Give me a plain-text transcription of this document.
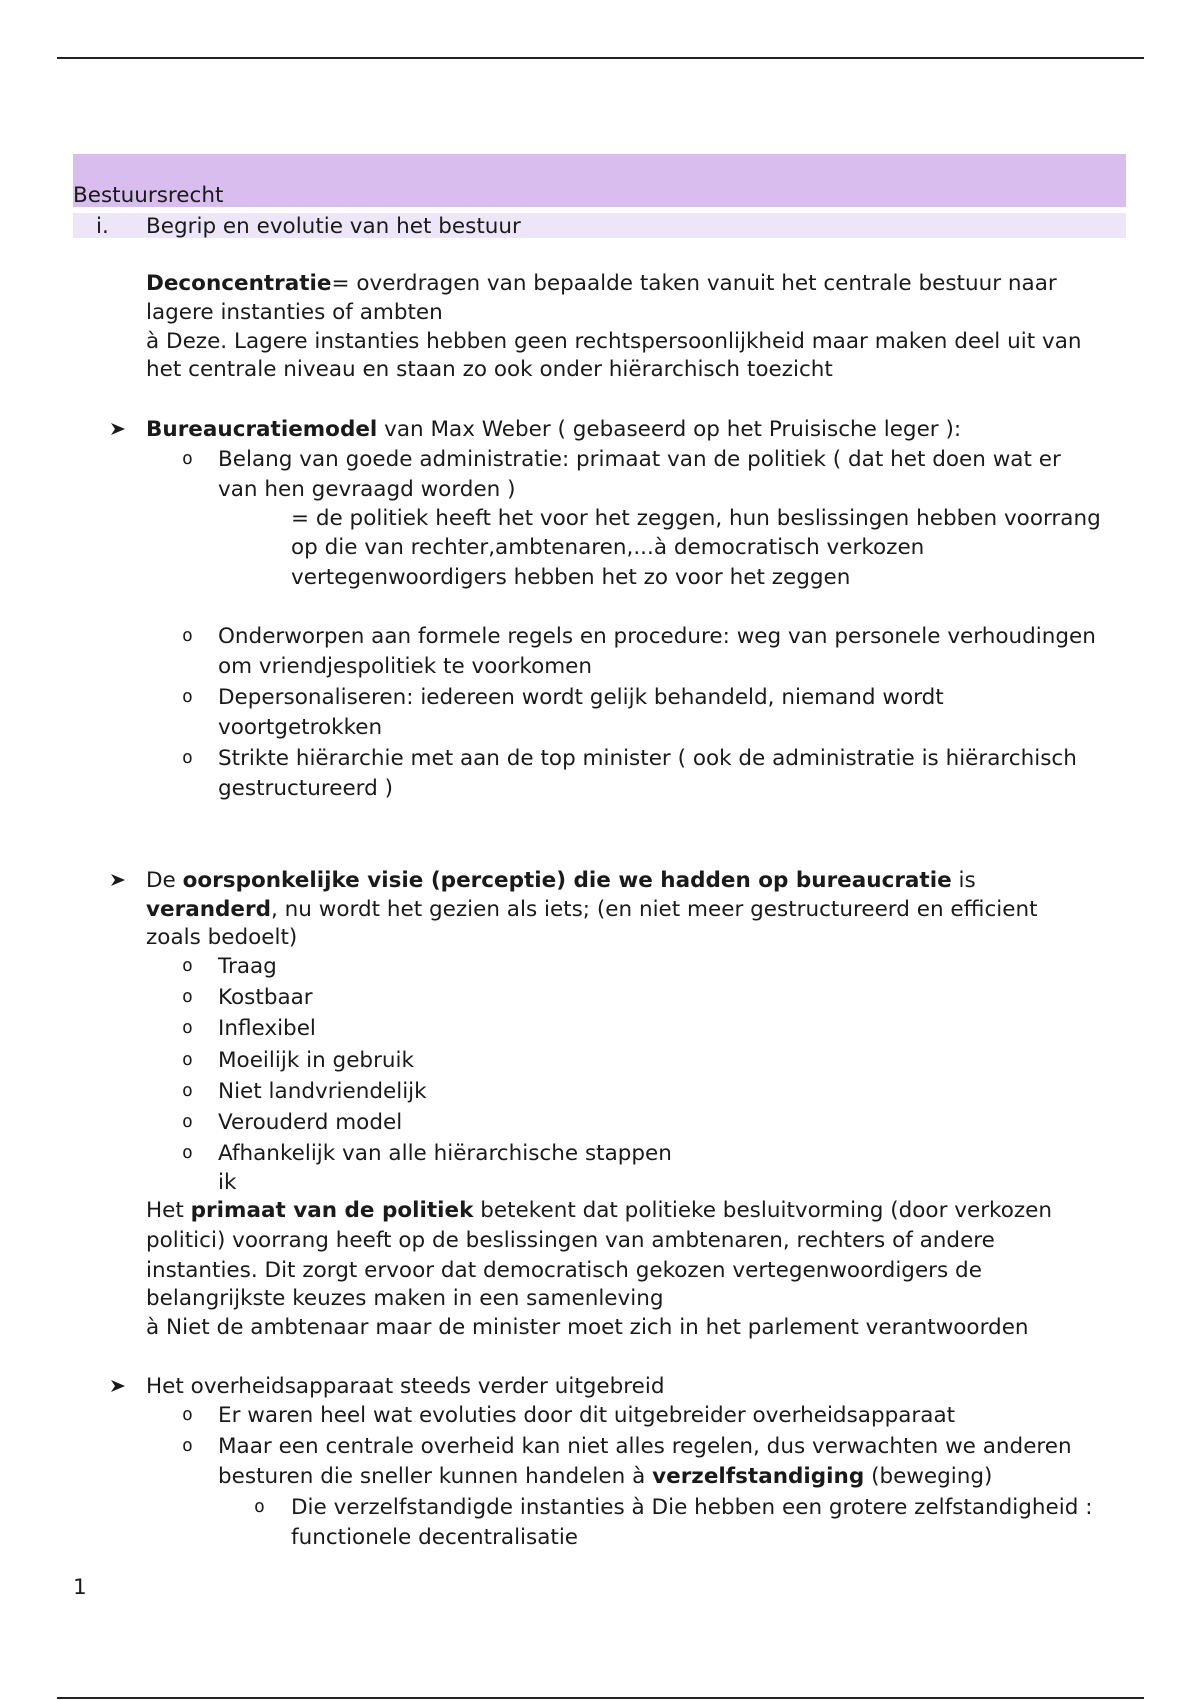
Bestuursrecht
i. Begrip en evolutie van het bestuur
Deconcentratie= overdragen van bepaalde taken vanuit het centrale bestuur naar
lagere instanties of ambten
à Deze. Lagere instanties hebben geen rechtspersoonlijkheid maar maken deel uit van
het centrale niveau en staan zo ook onder hiërarchisch toezicht
Bureaucratiemodel van Max Weber ( gebaseerd op het Pruisische leger ):
Belang van goede administratie: primaat van de politiek ( dat het doen wat er
o
van hen gevraagd worden )
= de politiek heeft het voor het zeggen, hun beslissingen hebben voorrang
op die van rechter,ambtenaren,...à democratisch verkozen
vertegenwoordigers hebben het zo voor het zeggen
Onderworpen aan formele regels en procedure: weg van personele verhoudingen
o
om vriendjespolitiek te voorkomen
Depersonaliseren: iedereen wordt gelijk behandeld, niemand wordt
o
voortgetrokken
Strikte hiërarchie met aan de top minister ( ook de administratie is hiërarchisch
o
gestructureerd )
De oorsponkelijke visie (perceptie) die we hadden op bureaucratie is
veranderd, nu wordt het gezien als iets; (en niet meer gestructureerd en efficient
zoals bedoelt)
Traag
o
Kostbaar
o
Inflexibel
o
Moeilijk in gebruik
o
Niet landvriendelijk
o
Verouderd model
o
Afhankelijk van alle hiërarchische stappen
o
ik
Het primaat van de politiek betekent dat politieke besluitvorming (door verkozen
politici) voorrang heeft op de beslissingen van ambtenaren, rechters of andere
instanties. Dit zorgt ervoor dat democratisch gekozen vertegenwoordigers de
belangrijkste keuzes maken in een samenleving
à Niet de ambtenaar maar de minister moet zich in het parlement verantwoorden
Het overheidsapparaat steeds verder uitgebreid
Er waren heel wat evoluties door dit uitgebreider overheidsapparaat
o
Maar een centrale overheid kan niet alles regelen, dus verwachten we anderen
o
besturen die sneller kunnen handelen à verzelfstandiging (beweging)
Die verzelfstandigde instanties à Die hebben een grotere zelfstandigheid :
o
functionele decentralisatie
1
